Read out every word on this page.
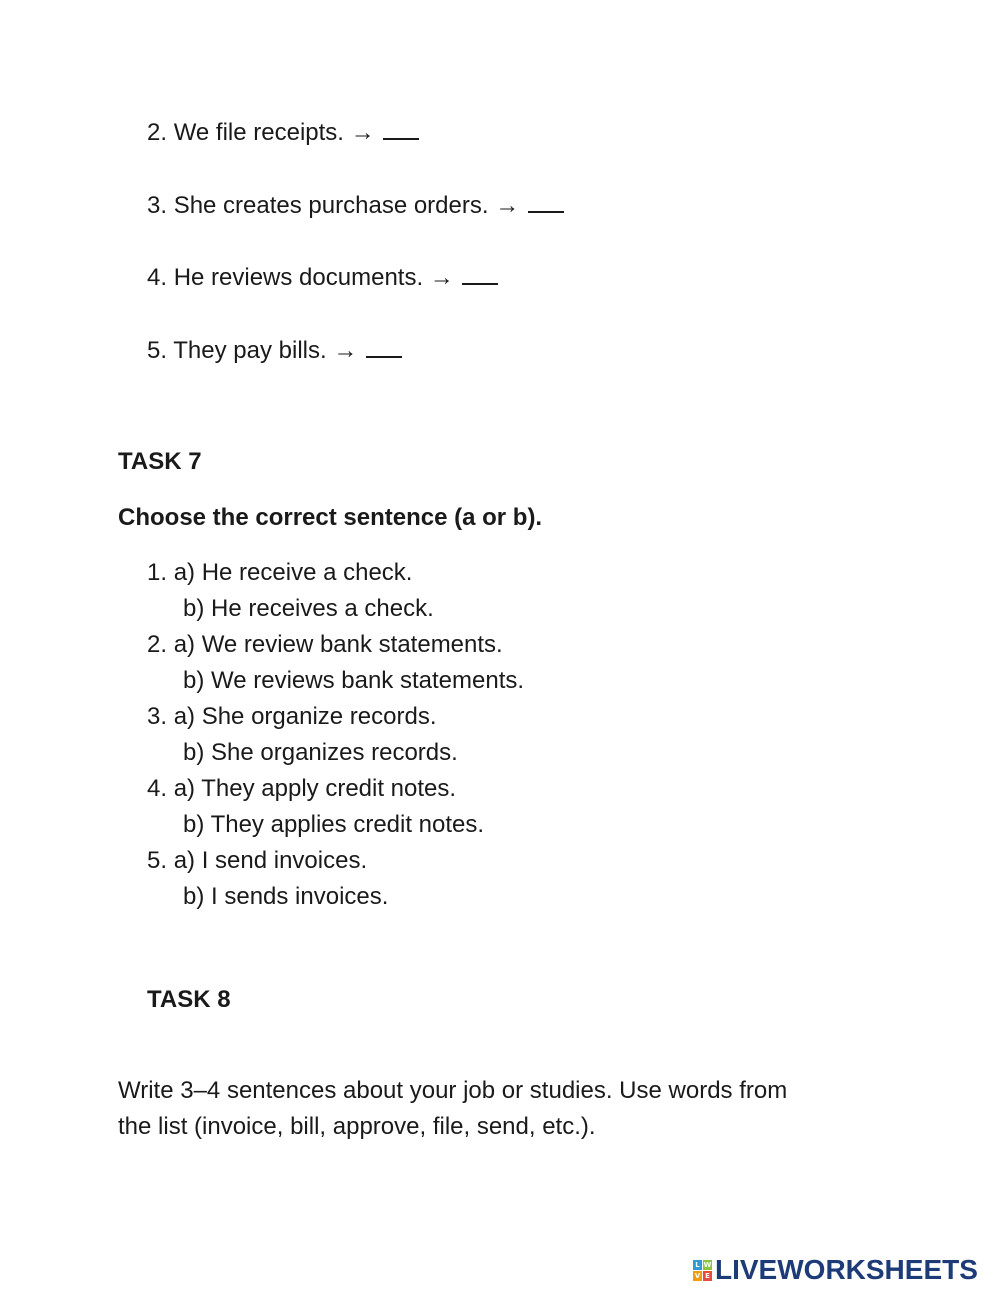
2. We file receipts. →
3. She creates purchase orders. →
4. He reviews documents. →
5. They pay bills. →
TASK 7
Choose the correct sentence (a or b).
1. a) He receive a check.
b) He receives a check.
2. a) We review bank statements.
b) We reviews bank statements.
3. a) She organize records.
b) She organizes records.
4. a) They apply credit notes.
b) They applies credit notes.
5. a) I send invoices.
b) I sends invoices.
TASK 8
Write 3–4 sentences about your job or studies. Use words from
the list (invoice, bill, approve, file, send, etc.).
L W
V E LIVEWORKSHEETS
